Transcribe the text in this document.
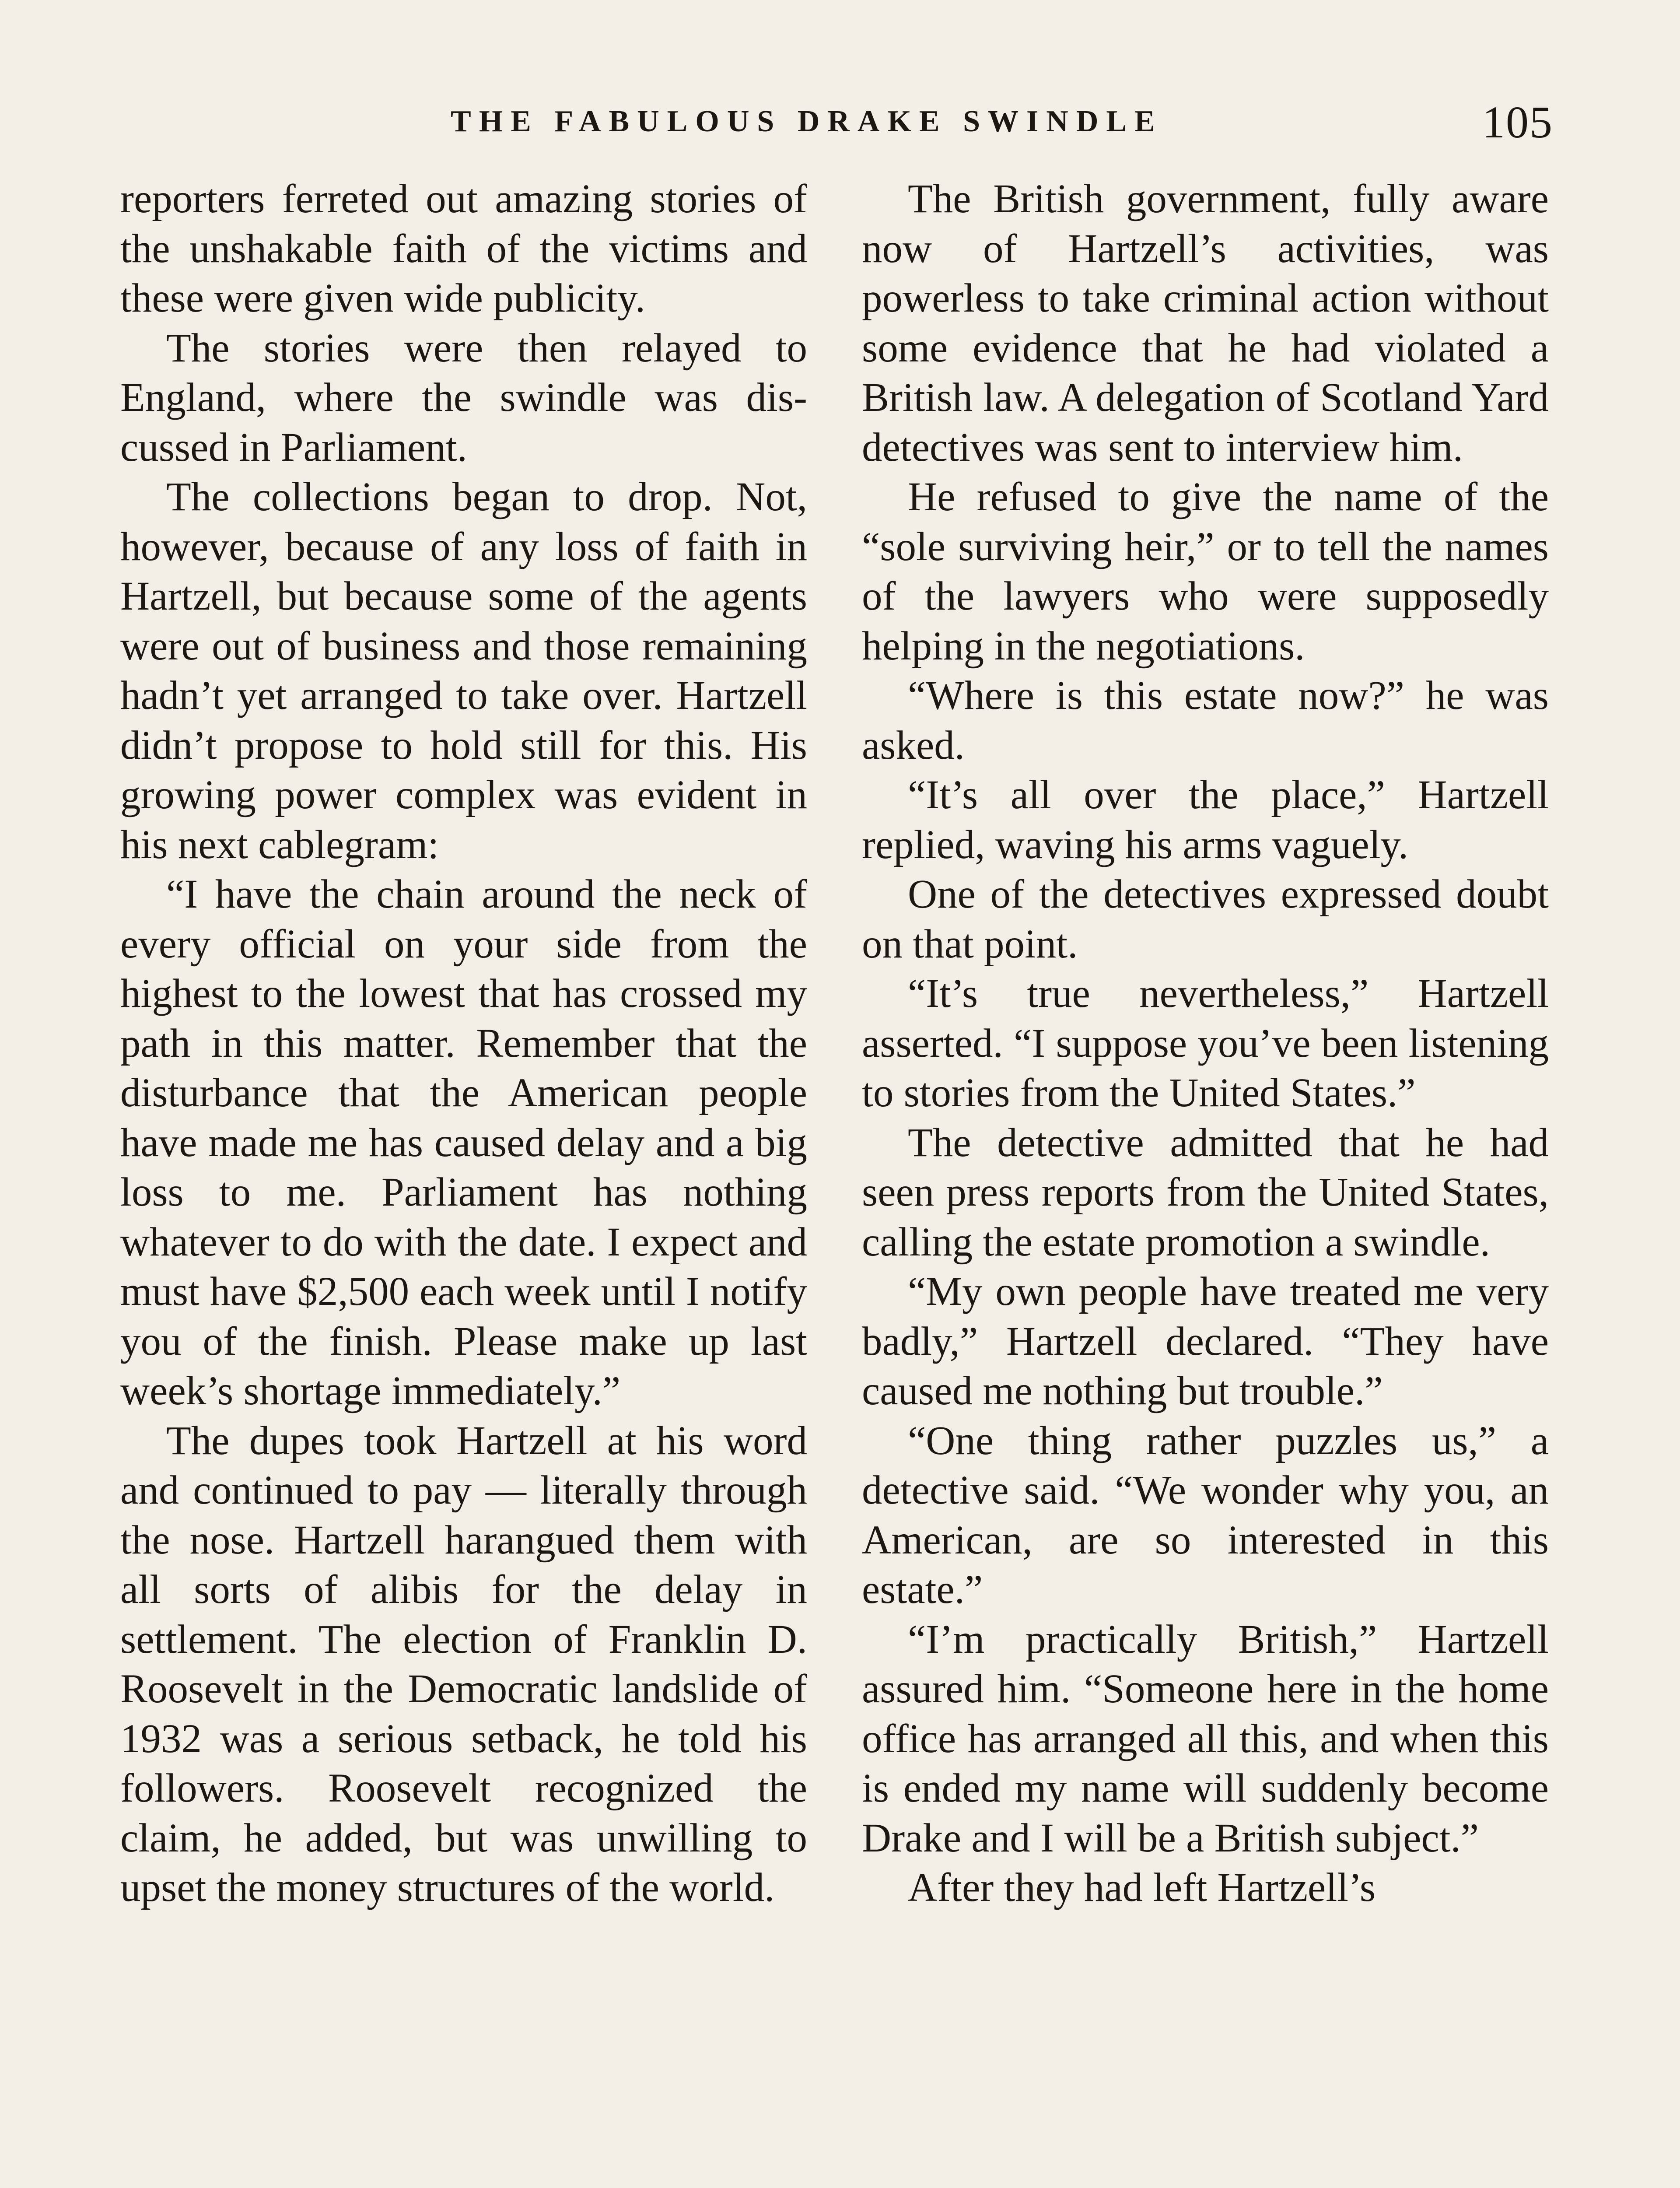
THE FABULOUS DRAKE SWINDLE	105

reporters ferreted out amazing stories of the unshakable faith of the victims and these were given wide publicity.

The stories were then relayed to England, where the swindle was discussed in Parliament.

The collections began to drop. Not, however, because of any loss of faith in Hartzell, but because some of the agents were out of business and those remaining hadn’t yet arranged to take over. Hartzell didn’t propose to hold still for this. His growing power complex was evident in his next cablegram:

“I have the chain around the neck of every official on your side from the highest to the lowest that has crossed my path in this matter. Remember that the disturbance that the American people have made me has caused delay and a big loss to me. Parliament has nothing whatever to do with the date. I expect and must have $2,500 each week until I notify you of the finish. Please make up last week’s shortage immediately.”

The dupes took Hartzell at his word and continued to pay — literally through the nose. Hartzell harangued them with all sorts of alibis for the delay in settlement. The election of Franklin D. Roosevelt in the Democratic landslide of 1932 was a serious setback, he told his followers. Roosevelt recognized the claim, he added, but was unwilling to upset the money structures of the world.

The British government, fully aware now of Hartzell’s activities, was powerless to take criminal action without some evidence that he had violated a British law. A delegation of Scotland Yard detectives was sent to interview him.

He refused to give the name of the “sole surviving heir,” or to tell the names of the lawyers who were supposedly helping in the negotiations.

“Where is this estate now?” he was asked.

“It’s all over the place,” Hartzell replied, waving his arms vaguely.

One of the detectives expressed doubt on that point.

“It’s true nevertheless,” Hartzell asserted. “I suppose you’ve been listening to stories from the United States.”

The detective admitted that he had seen press reports from the United States, calling the estate promotion a swindle.

“My own people have treated me very badly,” Hartzell declared. “They have caused me nothing but trouble.”

“One thing rather puzzles us,” a detective said. “We wonder why you, an American, are so interested in this estate.”

“I’m practically British,” Hartzell assured him. “Someone here in the home office has arranged all this, and when this is ended my name will suddenly become Drake and I will be a British subject.”

After they had left Hartzell’s
